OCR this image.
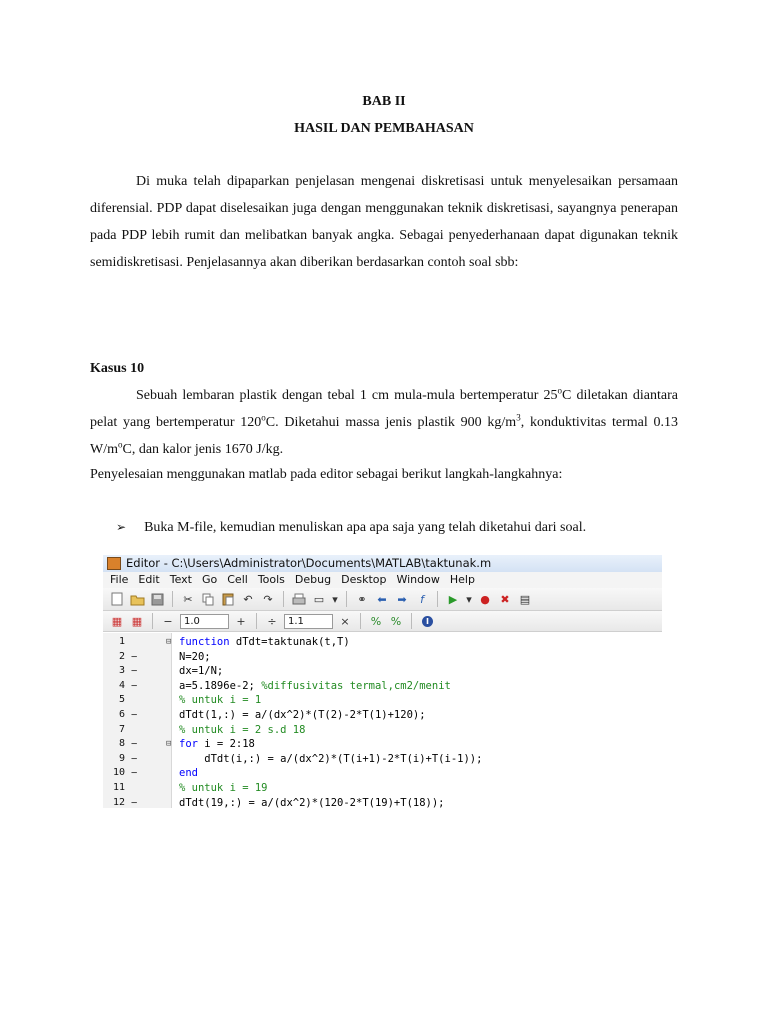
BAB II
HASIL DAN PEMBAHASAN
Di muka telah dipaparkan penjelasan mengenai diskretisasi untuk menyelesaikan persamaan diferensial. PDP dapat diselesaikan juga dengan menggunakan teknik diskretisasi, sayangnya penerapan pada PDP lebih rumit dan melibatkan banyak angka. Sebagai penyederhanaan dapat digunakan teknik semidiskretisasi. Penjelasannya akan diberikan berdasarkan contoh soal sbb:
Kasus 10
Sebuah lembaran plastik dengan tebal 1 cm mula-mula bertemperatur 25$^o$C diletakan diantara pelat yang bertemperatur 120$^o$C. Diketahui massa jenis plastik 900 $kg/m^3$, konduktivitas termal 0.13 $W/m^oC$, dan kalor jenis 1670 J/kg.
Penyelesaian menggunakan matlab pada editor sebagai berikut langkah-langkahnya:
➢ Buka M-file, kemudian menuliskan apa apa saja yang telah diketahui dari soal.
Editor - C:\Users\Administrator\Documents\MATLAB\taktunak.m
File Edit Text Go Cell Tools Debug Desktop Window Help
✂	↶ ↷	▭ ▾	⚭ ⬅ ➡	f	▶ ▾ ● ✖ ▤
▦ ▦	−	1.0	+	÷	1.1	×	% %
1	⊟ function dTdt=taktunak(t,T)
2 −	N=20;
3 −	dx=1/N;
4 −	a=5.1896e-2; %diffusivitas termal,cm2/menit
5	% untuk i = 1
6 −	dTdt(1,:) = a/(dx^2)*(T(2)-2*T(1)+120);
7	% untuk i = 2 s.d 18
8 −	⊟ for i = 2:18
9 −	dTdt(i,:) = a/(dx^2)*(T(i+1)-2*T(i)+T(i-1));
10 −	end
11	% untuk i = 19
12 −	dTdt(19,:) = a/(dx^2)*(120-2*T(19)+T(18));
